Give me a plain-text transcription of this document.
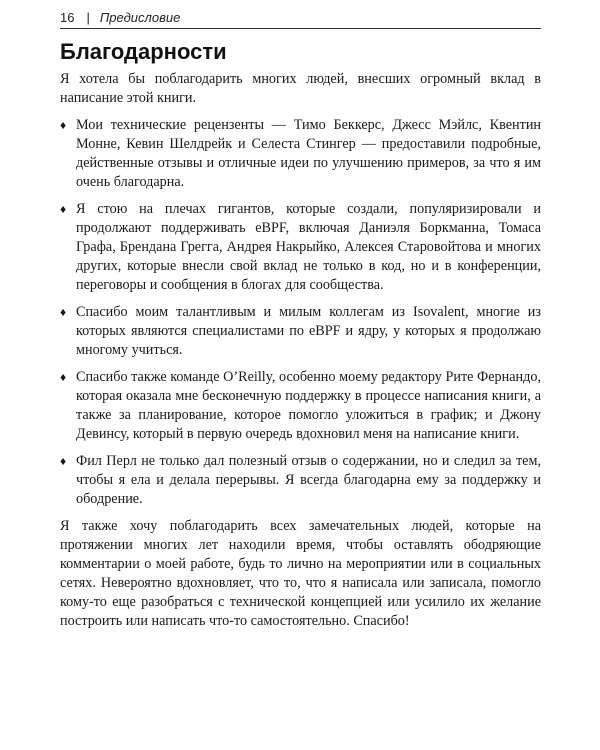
16 | Предисловие
Благодарности

Я хотела бы поблагодарить многих людей, внесших огромный вклад в написание этой книги.

♦ Мои технические рецензенты — Тимо Беккерс, Джесс Мэйлс, Квентин Монне, Кевин Шелдрейк и Селеста Стингер — предоставили подробные, действенные отзывы и отличные идеи по улучшению примеров, за что я им очень благодарна.
♦ Я стою на плечах гигантов, которые создали, популяризировали и продолжают поддерживать eBPF, включая Даниэля Боркманна, Томаса Графа, Брендана Грегга, Андрея Накрыйко, Алексея Старовойтова и многих других, которые внесли свой вклад не только в код, но и в конференции, переговоры и сообщения в блогах для сообщества.
♦ Спасибо моим талантливым и милым коллегам из Isovalent, многие из которых являются специалистами по eBPF и ядру, у которых я продолжаю многому учиться.
♦ Спасибо также команде O’Reilly, особенно моему редактору Рите Фернандо, которая оказала мне бесконечную поддержку в процессе написания книги, а также за планирование, которое помогло уложиться в график; и Джону Девинсу, который в первую очередь вдохновил меня на написание книги.
♦ Фил Перл не только дал полезный отзыв о содержании, но и следил за тем, чтобы я ела и делала перерывы. Я всегда благодарна ему за поддержку и ободрение.

Я также хочу поблагодарить всех замечательных людей, которые на протяжении многих лет находили время, чтобы оставлять ободряющие комментарии о моей работе, будь то лично на мероприятии или в социальных сетях. Невероятно вдохновляет, что то, что я написала или записала, помогло кому-то еще разобраться с технической концепцией или усилило их желание построить или написать что-то самостоятельно. Спасибо!
